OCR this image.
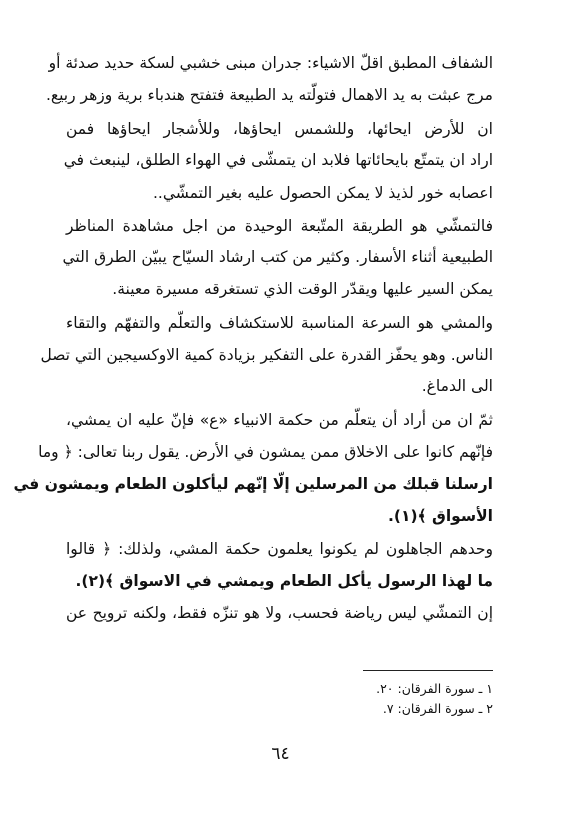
الشفاف المطبق اقلّ الاشياء: جدران مبنى خشبي لسكة حديد صدئة أو
مرج عبثت به يد الاهمال فتولّته يد الطبيعة فتفتح هندباء برية وزهر ربيع.
ان للأرض ايحائها، وللشمس ايحاؤها، وللأشجار ايحاؤها فمن
اراد ان يتمتّع بايحائاتها فلابد ان يتمشّى في الهواء الطلق، لينبعث في
اعصابه خور لذيذ لا يمكن الحصول عليه بغير التمشّي..
فالتمشّي هو الطريقة المتّبعة الوحيدة من اجل مشاهدة المناظر
الطبيعية أثناء الأسفار. وكثير من كتب ارشاد السيّاح يبيّن الطرق التي
يمكن السير عليها ويقدّر الوقت الذي تستغرقه مسيرة معينة.
والمشي هو السرعة المناسبة للاستكشاف والتعلّم والتفهّم والتقاء
الناس. وهو يحفّز القدرة على التفكير بزيادة كمية الاوكسيجين التي تصل
الى الدماغ.
ثمّ ان من أراد أن يتعلّم من حكمة الانبياء «ع» فإنّ عليه ان يمشي،
فإنّهم كانوا على الاخلاق ممن يمشون في الأرض. يقول ربنا تعالى: ﴿ وما
ارسلنا قبلك من المرسلين إلّا إنّهم ليأكلون الطعام ويمشون في
الأسواق ﴾(١).
وحدهم الجاهلون لم يكونوا يعلمون حكمة المشي، ولذلك: ﴿ قالوا
ما لهذا الرسول يأكل الطعام ويمشي في الاسواق ﴾(٢).
إن التمشّي ليس رياضة فحسب، ولا هو تنزّه فقط، ولكنه ترويح عن
١ ـ سورة الفرقان: ٢٠.
٢ ـ سورة الفرقان: ٧.
٦٤
